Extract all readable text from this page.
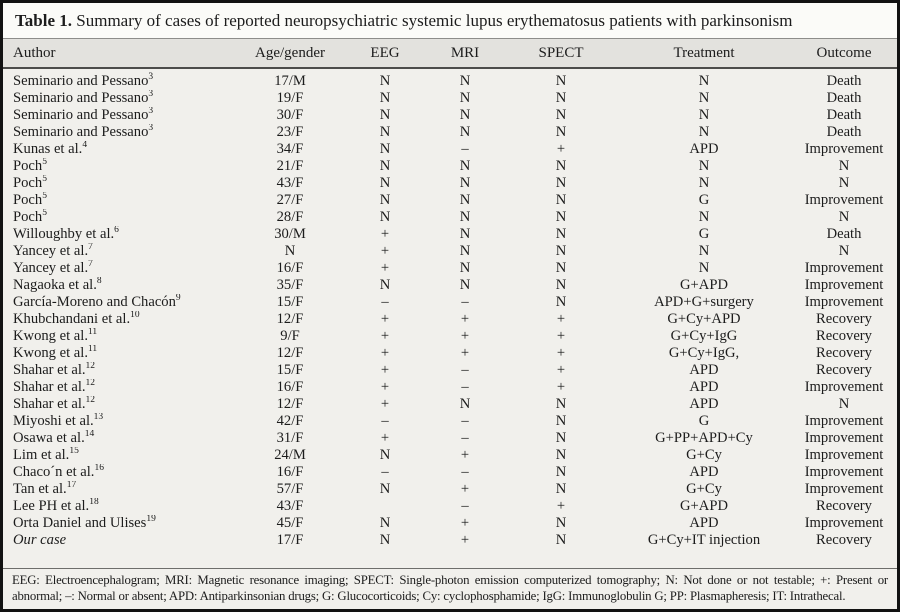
Table 1. Summary of cases of reported neuropsychiatric systemic lupus erythematosus patients with parkinsonism
Author	Age/gender	EEG	MRI	SPECT	Treatment	Outcome
Seminario and Pessano$^3$	17/M	N	N	N	N	Death
Seminario and Pessano$^3$	19/F	N	N	N	N	Death
Seminario and Pessano$^3$	30/F	N	N	N	N	Death
Seminario and Pessano$^3$	23/F	N	N	N	N	Death
Kunas et al.$^4$	34/F	N	–	+	APD	Improvement
Poch$^5$	21/F	N	N	N	N	N
Poch$^5$	43/F	N	N	N	N	N
Poch$^5$	27/F	N	N	N	G	Improvement
Poch$^5$	28/F	N	N	N	N	N
Willoughby et al.$^6$	30/M	+	N	N	G	Death
Yancey et al.$^7$	N	+	N	N	N	N
Yancey et al.$^7$	16/F	+	N	N	N	Improvement
Nagaoka et al.$^8$	35/F	N	N	N	G+APD	Improvement
García-Moreno and Chacón$^9$	15/F	–	–	N	APD+G+surgery	Improvement
Khubchandani et al.$^{10}$	12/F	+	+	+	G+Cy+APD	Recovery
Kwong et al.$^{11}$	9/F	+	+	+	G+Cy+IgG	Recovery
Kwong et al.$^{11}$	12/F	+	+	+	G+Cy+IgG,	Recovery
Shahar et al.$^{12}$	15/F	+	–	+	APD	Recovery
Shahar et al.$^{12}$	16/F	+	–	+	APD	Improvement
Shahar et al.$^{12}$	12/F	+	N	N	APD	N
Miyoshi et al.$^{13}$	42/F	–	–	N	G	Improvement
Osawa et al.$^{14}$	31/F	+	–	N	G+PP+APD+Cy	Improvement
Lim et al.$^{15}$	24/M	N	+	N	G+Cy	Improvement
Chaco´n et al.$^{16}$	16/F	–	–	N	APD	Improvement
Tan et al.$^{17}$	57/F	N	+	N	G+Cy	Improvement
Lee PH et al.$^{18}$	43/F		–	+	G+APD	Recovery
Orta Daniel and Ulises$^{19}$	45/F	N	+	N	APD	Improvement
Our case	17/F	N	+	N	G+Cy+IT injection	Recovery
EEG: Electroencephalogram; MRI: Magnetic resonance imaging; SPECT: Single-photon emission computerized tomography; N: Not done or not testable; +: Present or abnormal; –: Normal or absent; APD: Antiparkinsonian drugs; G: Glucocorticoids; Cy: cyclophosphamide; IgG: Immunoglobulin G; PP: Plasmapheresis; IT: Intrathecal.
